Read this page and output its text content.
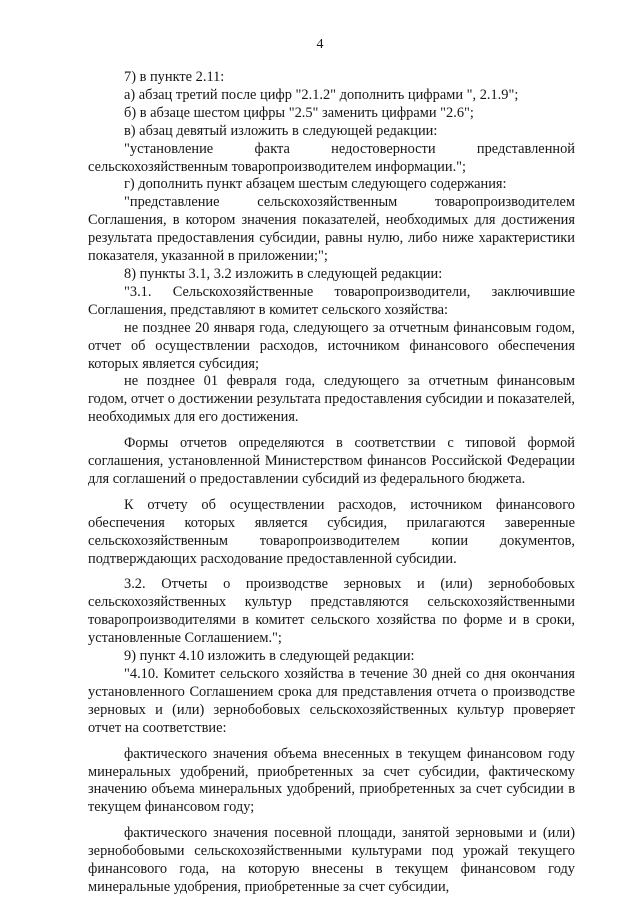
4

7) в пункте 2.11:

а) абзац третий после цифр "2.1.2" дополнить цифрами ", 2.1.9";

б) в абзаце шестом цифры "2.5" заменить цифрами "2.6";

в) абзац девятый изложить в следующей редакции:

"установление факта недостоверности представленной сельскохозяйственным товаропроизводителем информации.";

г) дополнить пункт абзацем шестым следующего содержания:

"представление сельскохозяйственным товаропроизводителем Соглашения, в котором значения показателей, необходимых для достижения результата предоставления субсидии, равны нулю, либо ниже характеристики показателя, указанной в приложении;";

8) пункты 3.1, 3.2 изложить в следующей редакции:

"3.1. Сельскохозяйственные товаропроизводители, заключившие Соглашения, представляют в комитет сельского хозяйства:

не позднее 20 января года, следующего за отчетным финансовым годом, отчет об осуществлении расходов, источником финансового обеспечения которых является субсидия;

не позднее 01 февраля года, следующего за отчетным финансовым годом, отчет о достижении результата предоставления субсидии и показателей, необходимых для его достижения.

Формы отчетов определяются в соответствии с типовой формой соглашения, установленной Министерством финансов Российской Федерации для соглашений о предоставлении субсидий из федерального бюджета.

К отчету об осуществлении расходов, источником финансового обеспечения которых является субсидия, прилагаются заверенные сельскохозяйственным товаропроизводителем копии документов, подтверждающих расходование предоставленной субсидии.

3.2. Отчеты о производстве зерновых и (или) зернобобовых сельскохозяйственных культур представляются сельскохозяйственными товаропроизводителями в комитет сельского хозяйства по форме и в сроки, установленные Соглашением.";

9) пункт 4.10 изложить в следующей редакции:

"4.10. Комитет сельского хозяйства в течение 30 дней со дня окончания установленного Соглашением срока для представления отчета о производстве зерновых и (или) зернобобовых сельскохозяйственных культур проверяет отчет на соответствие:

фактического значения объема внесенных в текущем финансовом году минеральных удобрений, приобретенных за счет субсидии, фактическому значению объема минеральных удобрений, приобретенных за счет субсидии в текущем финансовом году;

фактического значения посевной площади, занятой зерновыми и (или) зернобобовыми сельскохозяйственными культурами под урожай текущего финансового года, на которую внесены в текущем финансовом году минеральные удобрения, приобретенные за счет субсидии,
